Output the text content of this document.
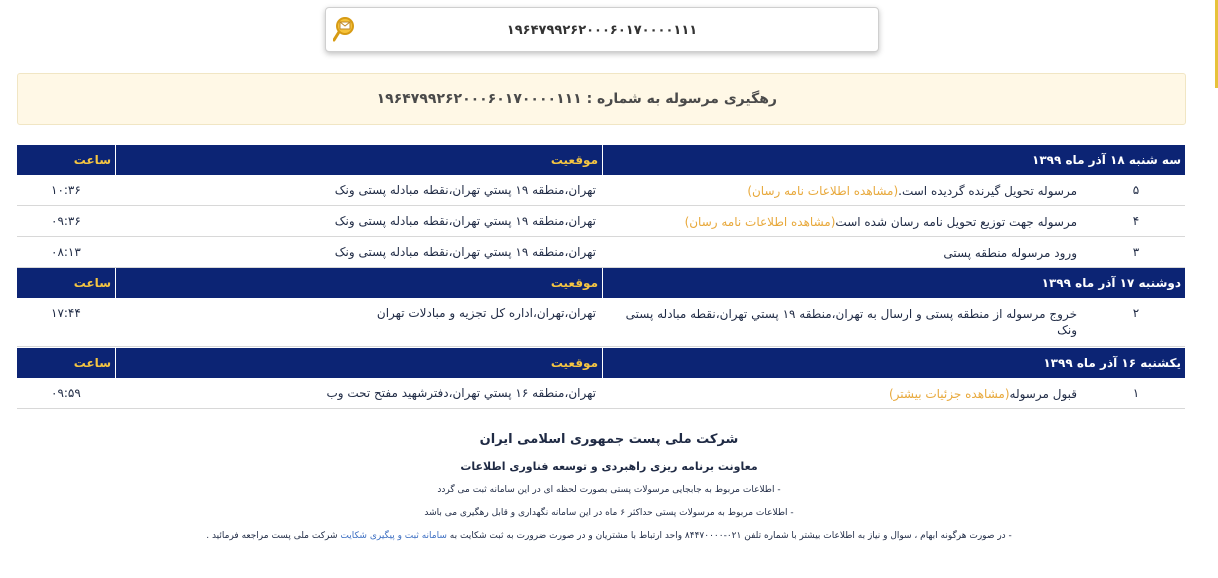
۱۹۶۴۷۹۹۲۶۲۰۰۰۶۰۱۷۰۰۰۰۱۱۱
رهگیری مرسوله به شماره : ۱۹۶۴۷۹۹۲۶۲۰۰۰۶۰۱۷۰۰۰۰۱۱۱
سه شنبه ۱۸ آذر ماه ۱۳۹۹
موقعیت
ساعت
۵
مرسوله تحويل گيرنده گرديده است.(مشاهده اطلاعات نامه رسان)
تهران،منطقه ۱۹ پستي تهران،نقطه مبادله پستی ونک
۱۰:۳۶
۴
مرسوله جهت توزيع تحويل نامه رسان شده است(مشاهده اطلاعات نامه رسان)
تهران،منطقه ۱۹ پستي تهران،نقطه مبادله پستی ونک
۰۹:۳۶
۳
ورود مرسوله منطقه پستی
تهران،منطقه ۱۹ پستي تهران،نقطه مبادله پستی ونک
۰۸:۱۳
دوشنبه ۱۷ آذر ماه ۱۳۹۹
موقعیت
ساعت
۲
خروج مرسوله از منطقه پستی و ارسال به تهران،منطقه ۱۹ پستي تهران،نقطه مبادله پستی ونک
تهران،تهران،اداره کل تجزيه و مبادلات تهران
۱۷:۴۴
یکشنبه ۱۶ آذر ماه ۱۳۹۹
موقعیت
ساعت
۱
قبول مرسوله(مشاهده جزئیات بیشتر)
تهران،منطقه ۱۶ پستي تهران،دفترشهيد مفتح تحت وب
۰۹:۵۹
شرکت ملی پست جمهوری اسلامی ایران
معاونت برنامه ریزی راهبردی و توسعه فناوری اطلاعات
- اطلاعات مربوط به جابجایی مرسولات پستی بصورت لحظه ای در این سامانه ثبت می گردد
- اطلاعات مربوط به مرسولات پستی حداکثر ۶ ماه در این سامانه نگهداری و قابل رهگیری می باشد
- در صورت هرگونه ابهام ، سوال و نیاز به اطلاعات بیشتر با شماره تلفن ۰۲۱-۸۴۴۷۰۰۰۰ واحد ارتباط با مشتریان و در صورت ضرورت به ثبت شکایت به سامانه ثبت و پیگیری شکایت شرکت ملی پست مراجعه فرمائید .
